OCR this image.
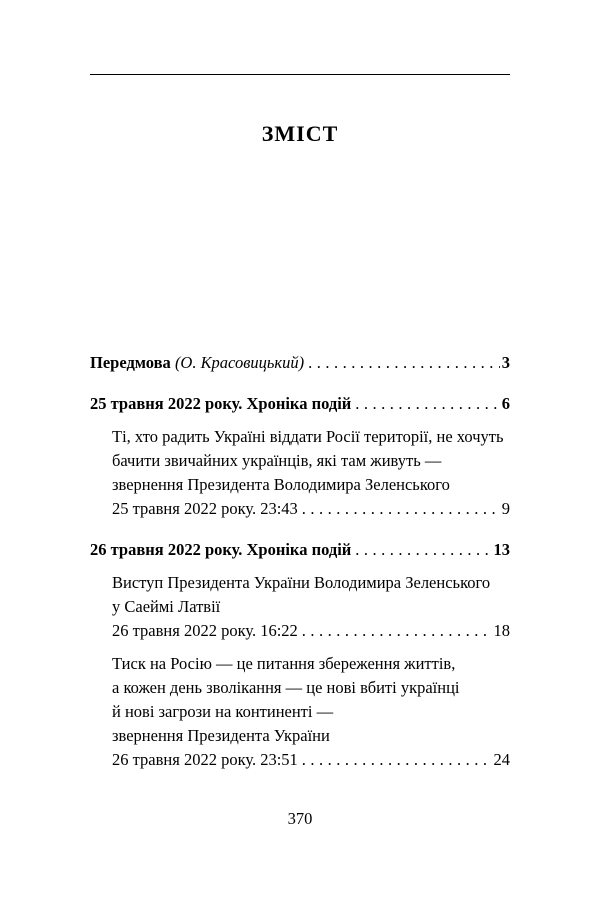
ЗМІСТ
Передмова (О. Красовицький) .....	3
25 травня 2022 року. Хроніка подій .....	6
Ті, хто радить Україні віддати Росії території, не хочуть
бачити звичайних українців, які там живуть —
звернення Президента Володимира Зеленського
25 травня 2022 року. 23:43 .....	9
26 травня 2022 року. Хроніка подій .....	13
Виступ Президента України Володимира Зеленського
у Саеймі Латвії
26 травня 2022 року. 16:22 .....	18
Тиск на Росію — це питання збереження життів,
а кожен день зволікання — це нові вбиті українці
й нові загрози на континенті —
звернення Президента України
26 травня 2022 року. 23:51 .....	24
370
